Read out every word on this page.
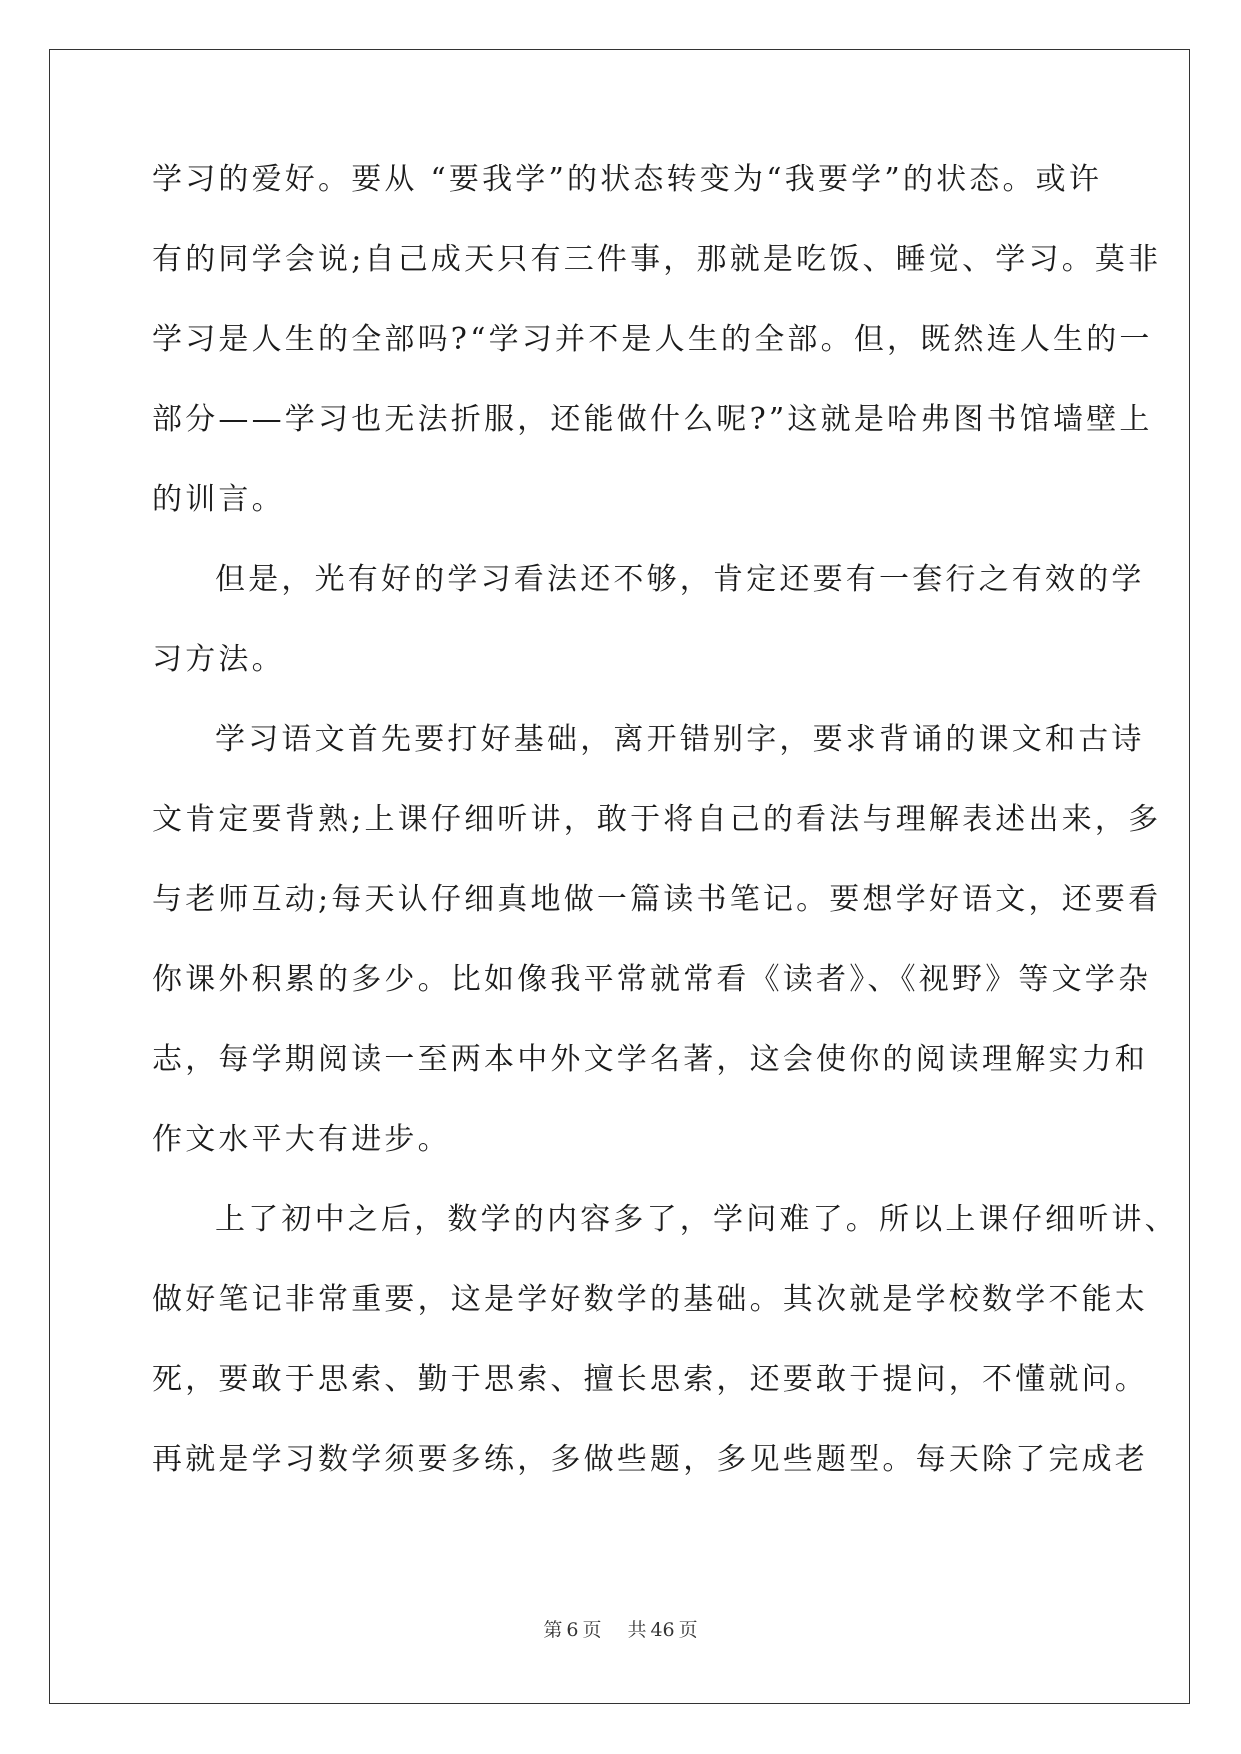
学习的爱好。要从 “要我学”的状态转变为“我要学”的状态。或许
有的同学会说;自己成天只有三件事，那就是吃饭、睡觉、学习。莫非
学习是人生的全部吗?“学习并不是人生的全部。但，既然连人生的一
部分——学习也无法折服，还能做什么呢?”这就是哈弗图书馆墙壁上
的训言。
但是，光有好的学习看法还不够，肯定还要有一套行之有效的学
习方法。
学习语文首先要打好基础，离开错别字，要求背诵的课文和古诗
文肯定要背熟;上课仔细听讲，敢于将自己的看法与理解表述出来，多
与老师互动;每天认仔细真地做一篇读书笔记。要想学好语文，还要看
你课外积累的多少。比如像我平常就常看《读者》、《视野》等文学杂
志，每学期阅读一至两本中外文学名著，这会使你的阅读理解实力和
作文水平大有进步。
上了初中之后，数学的内容多了，学问难了。所以上课仔细听讲、
做好笔记非常重要，这是学好数学的基础。其次就是学校数学不能太
死，要敢于思索、勤于思索、擅长思索，还要敢于提问，不懂就问。
再就是学习数学须要多练，多做些题，多见些题型。每天除了完成老
第 6 页 共 46 页
